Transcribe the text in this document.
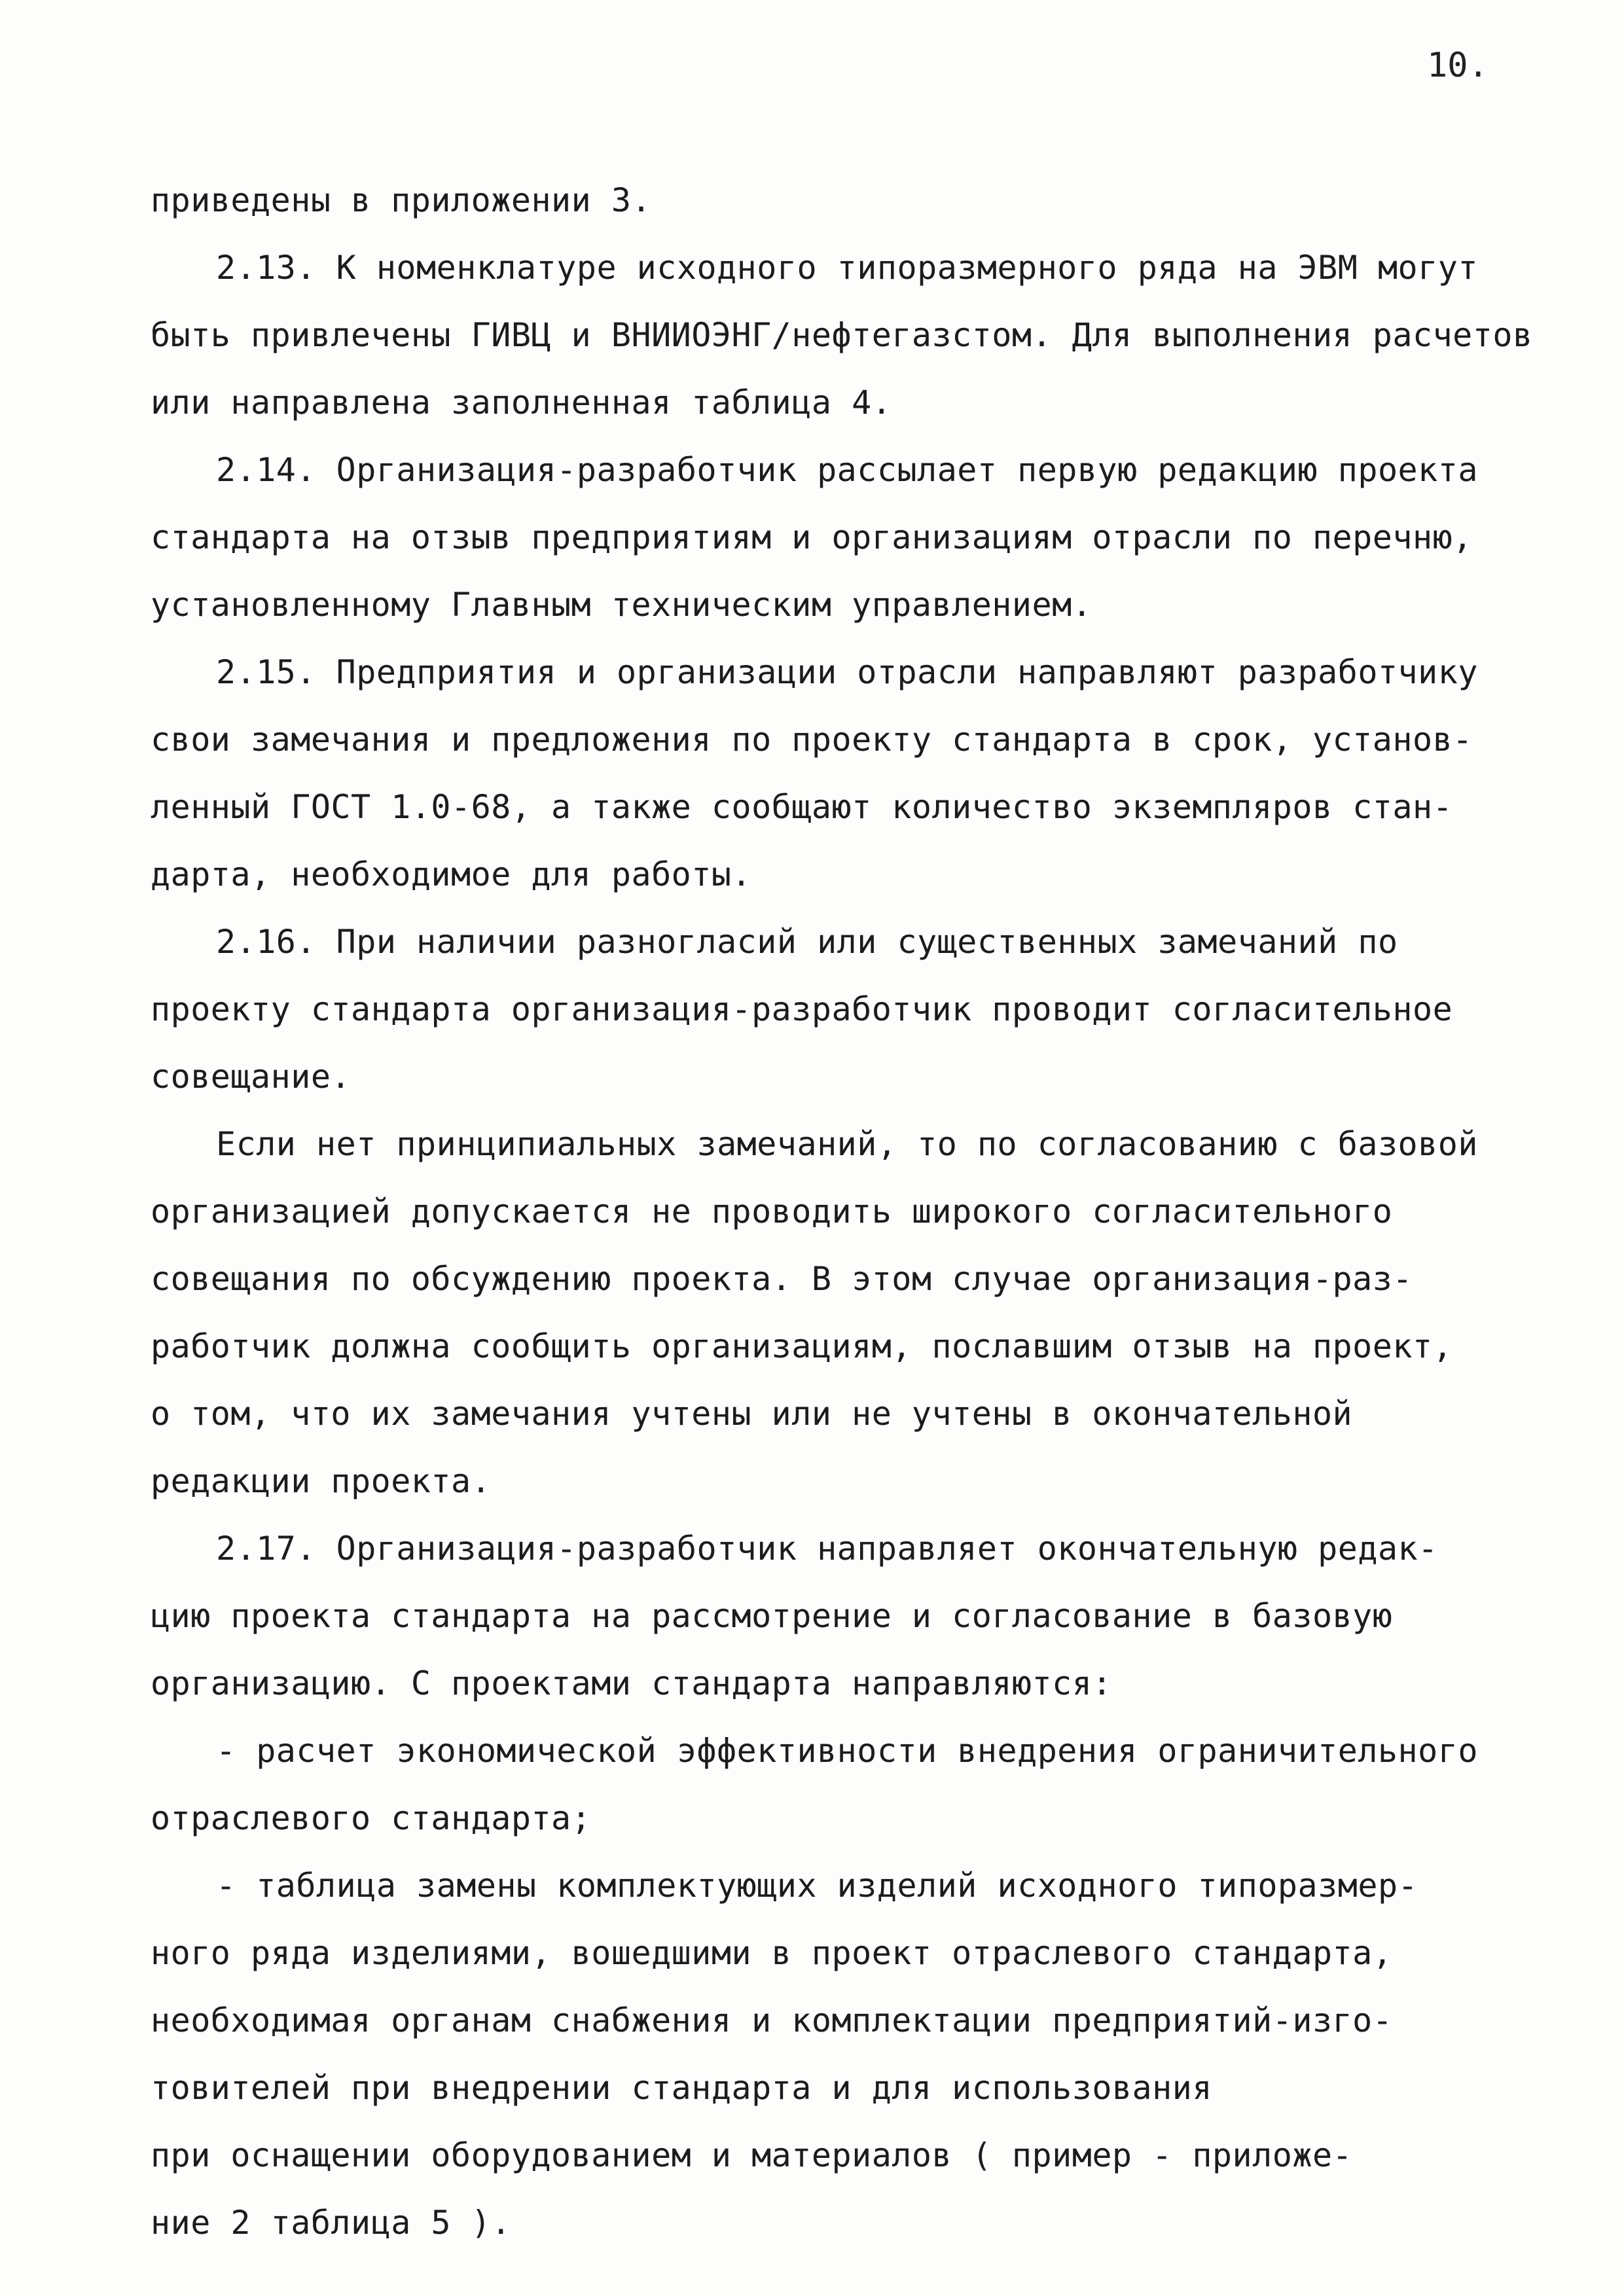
10.
приведены в приложении 3.
2.13. К номенклатуре исходного типоразмерного ряда на ЭВМ могут
быть привлечены ГИВЦ и ВНИИОЭНГ/нефтегазстом. Для выполнения расчетов
или направлена заполненная таблица 4.
2.14. Организация-разработчик рассылает первую редакцию проекта
стандарта на отзыв предприятиям и организациям отрасли по перечню,
установленному Главным техническим управлением.
2.15. Предприятия и организации отрасли направляют разработчику
свои замечания и предложения по проекту стандарта в срок, установ-
ленный ГОСТ 1.0-68, а также сообщают количество экземпляров стан-
дарта, необходимое для работы.
2.16. При наличии разногласий или существенных замечаний по
проекту стандарта организация-разработчик проводит согласительное
совещание.
Если нет принципиальных замечаний, то по согласованию с базовой
организацией допускается не проводить широкого согласительного
совещания по обсуждению проекта. В этом случае организация-раз-
работчик должна сообщить организациям, пославшим отзыв на проект,
о том, что их замечания учтены или не учтены в окончательной
редакции проекта.
2.17. Организация-разработчик направляет окончательную редак-
цию проекта стандарта на рассмотрение и согласование в базовую
организацию. С проектами стандарта направляются:
- расчет экономической эффективности внедрения ограничительного
отраслевого стандарта;
- таблица замены комплектующих изделий исходного типоразмер-
ного ряда изделиями, вошедшими в проект отраслевого стандарта,
необходимая органам снабжения и комплектации предприятий-изго-
товителей при внедрении стандарта и для использования
при оснащении оборудованием и материалов ( пример - приложе-
ние 2 таблица 5 ).
